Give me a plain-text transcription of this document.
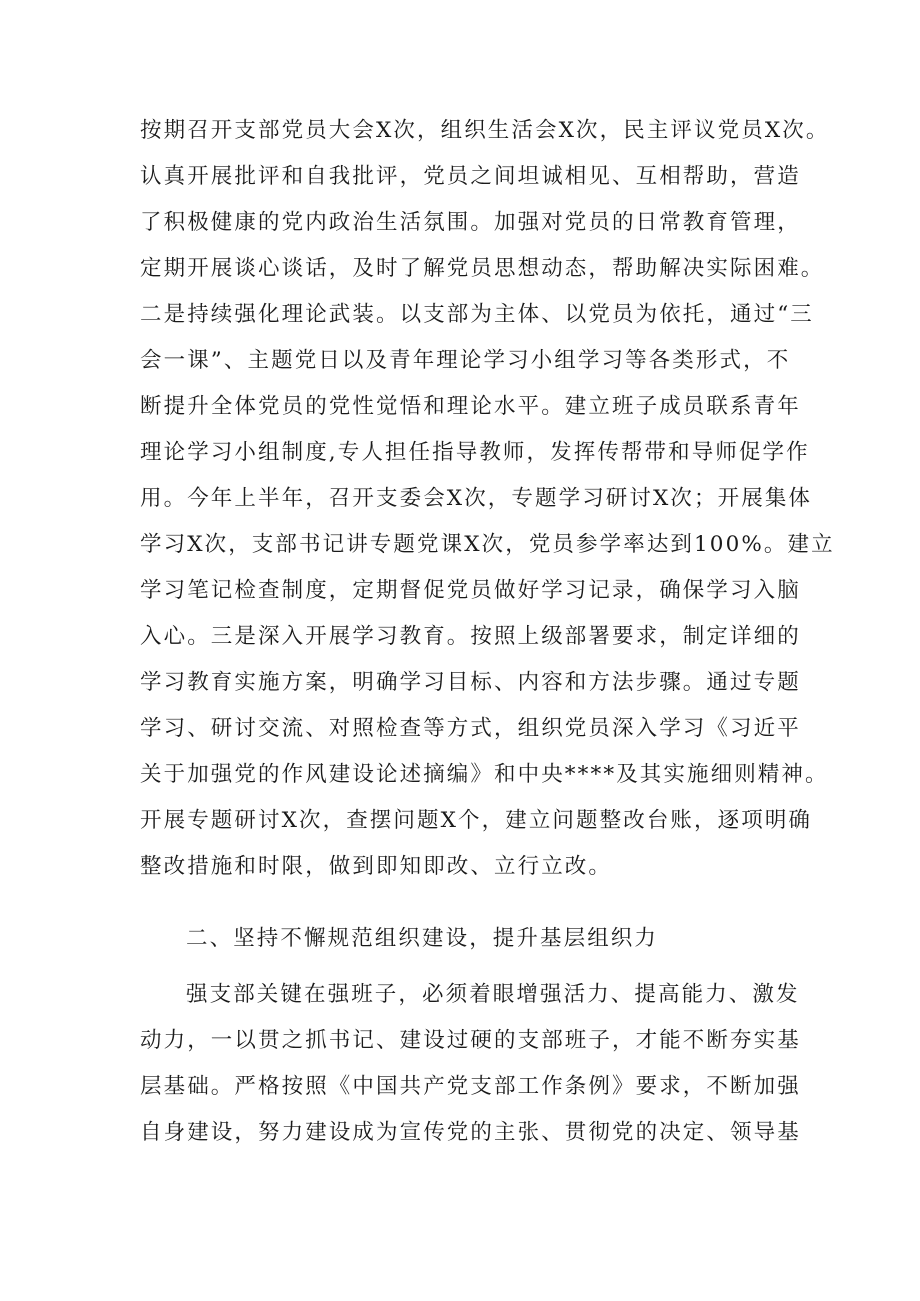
按期召开支部党员大会X次，组织生活会X次，民主评议党员X次。
认真开展批评和自我批评，党员之间坦诚相见、互相帮助，营造
了积极健康的党内政治生活氛围。加强对党员的日常教育管理，
定期开展谈心谈话，及时了解党员思想动态，帮助解决实际困难。
二是持续强化理论武装。以支部为主体、以党员为依托，通过“三
会一课”、主题党日以及青年理论学习小组学习等各类形式，不
断提升全体党员的党性觉悟和理论水平。建立班子成员联系青年
理论学习小组制度,专人担任指导教师，发挥传帮带和导师促学作
用。今年上半年，召开支委会X次，专题学习研讨X次；开展集体
学习X次，支部书记讲专题党课X次，党员参学率达到100%。建立
学习笔记检查制度，定期督促党员做好学习记录，确保学习入脑
入心。三是深入开展学习教育。按照上级部署要求，制定详细的
学习教育实施方案，明确学习目标、内容和方法步骤。通过专题
学习、研讨交流、对照检查等方式，组织党员深入学习《习近平
关于加强党的作风建设论述摘编》和中央****及其实施细则精神。
开展专题研讨X次，查摆问题X个，建立问题整改台账，逐项明确
整改措施和时限，做到即知即改、立行立改。
二、坚持不懈规范组织建设，提升基层组织力
强支部关键在强班子，必须着眼增强活力、提高能力、激发
动力，一以贯之抓书记、建设过硬的支部班子，才能不断夯实基
层基础。严格按照《中国共产党支部工作条例》要求，不断加强
自身建设，努力建设成为宣传党的主张、贯彻党的决定、领导基
